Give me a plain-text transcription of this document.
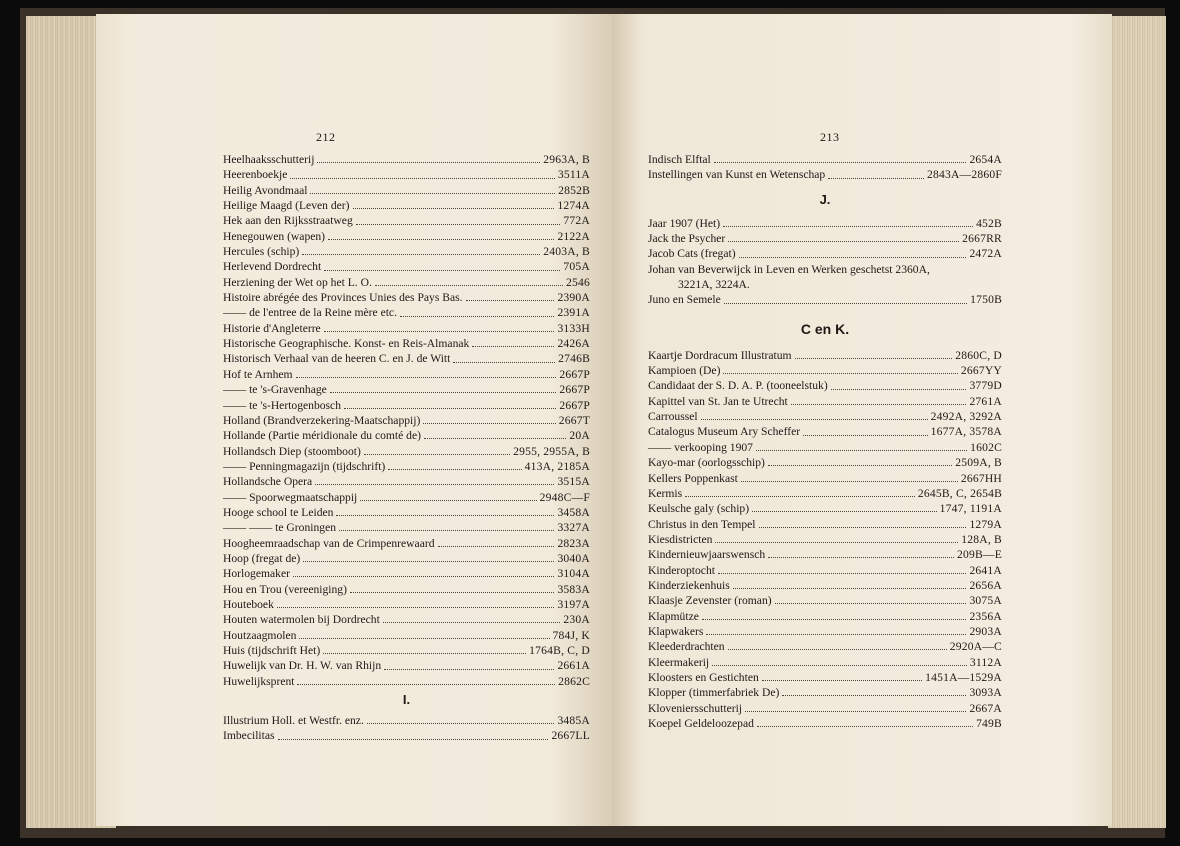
212
Heelhaaksschutterij	2963A, B
Heerenboekje	3511A
Heilig Avondmaal	2852B
Heilige Maagd (Leven der)	1274A
Hek aan den Rijksstraatweg	772A
Henegouwen (wapen)	2122A
Hercules (schip)	2403A, B
Herlevend Dordrecht	705A
Herziening der Wet op het L. O.	2546
Histoire abrégée des Provinces Unies des Pays Bas.	2390A
—— de l'entree de la Reine mère etc.	2391A
Historie d'Angleterre	3133H
Historische Geographische. Konst- en Reis-Almanak	2426A
Historisch Verhaal van de heeren C. en J. de Witt	2746B
Hof te Arnhem	2667P
—— te 's-Gravenhage	2667P
—— te 's-Hertogenbosch	2667P
Holland (Brandverzekering-Maatschappij)	2667T
Hollande (Partie méridionale du comté de)	20A
Hollandsch Diep (stoomboot)	2955, 2955A, B
—— Penningmagazijn (tijdschrift)	413A, 2185A
Hollandsche Opera	3515A
—— Spoorwegmaatschappij	2948C—F
Hooge school te Leiden	3458A
—— —— te Groningen	3327A
Hoogheemraadschap van de Crimpenrewaard	2823A
Hoop (fregat de)	3040A
Horlogemaker	3104A
Hou en Trou (vereeniging)	3583A
Houteboek	3197A
Houten watermolen bij Dordrecht	230A
Houtzaagmolen	784J, K
Huis (tijdschrift Het)	1764B, C, D
Huwelijk van Dr. H. W. van Rhijn	2661A
Huwelijksprent	2862C
I.
Illustrium Holl. et Westfr. enz.	3485A
Imbecilitas	2667LL
213
Indisch Elftal	2654A
Instellingen van Kunst en Wetenschap	2843A—2860F
J.
Jaar 1907 (Het)	452B
Jack the Psycher	2667RR
Jacob Cats (fregat)	2472A
Johan van Beverwijck in Leven en Werken geschetst 2360A,
3221A, 3224A.
Juno en Semele	1750B
C en K.
Kaartje Dordracum Illustratum	2860C, D
Kampioen (De)	2667YY
Candidaat der S. D. A. P. (tooneelstuk)	3779D
Kapittel van St. Jan te Utrecht	2761A
Carroussel	2492A, 3292A
Catalogus Museum Ary Scheffer	1677A, 3578A
—— verkooping 1907	1602C
Kayo-mar (oorlogsschip)	2509A, B
Kellers Poppenkast	2667HH
Kermis	2645B, C, 2654B
Keulsche galy (schip)	1747, 1191A
Christus in den Tempel	1279A
Kiesdistricten	128A, B
Kindernieuwjaarswensch	209B—E
Kinderoptocht	2641A
Kinderziekenhuis	2656A
Klaasje Zevenster (roman)	3075A
Klapmütze	2356A
Klapwakers	2903A
Kleederdrachten	2920A—C
Kleermakerij	3112A
Kloosters en Gestichten	1451A—1529A
Klopper (timmerfabriek De)	3093A
Kloveniersschutterij	2667A
Koepel Geldeloozepad	749B
